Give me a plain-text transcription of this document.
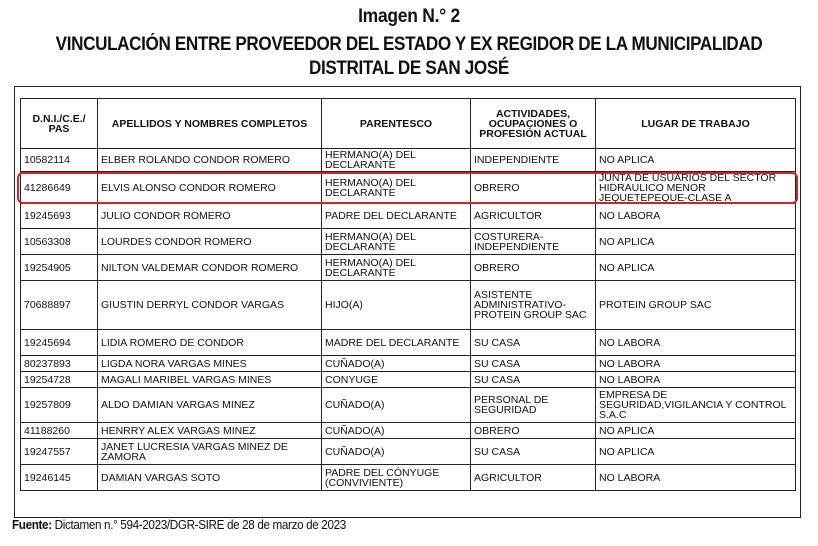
Imagen N.° 2
VINCULACIÓN ENTRE PROVEEDOR DEL ESTADO Y EX REGIDOR DE LA MUNICIPALIDAD
DISTRITAL DE SAN JOSÉ
D.N.I./C.E./ PAS	APELLIDOS Y NOMBRES COMPLETOS	PARENTESCO	ACTIVIDADES, OCUPACIONES O PROFESIÓN ACTUAL	LUGAR DE TRABAJO
10582114	ELBER ROLANDO CONDOR ROMERO	HERMANO(A) DEL DECLARANTE	INDEPENDIENTE	NO APLICA
41286649	ELVIS ALONSO CONDOR ROMERO	HERMANO(A) DEL DECLARANTE	OBRERO	JUNTA DE USUARIOS DEL SECTOR HIDRAULICO MENOR JEQUETEPEQUE-CLASE A
19245693	JULIO CONDOR ROMERO	PADRE DEL DECLARANTE	AGRICULTOR	NO LABORA
10563308	LOURDES CONDOR ROMERO	HERMANO(A) DEL DECLARANTE	COSTURERA-INDEPENDIENTE	NO APLICA
19254905	NILTON VALDEMAR CONDOR ROMERO	HERMANO(A) DEL DECLARANTE	OBRERO	NO APLICA
70688897	GIUSTIN DERRYL CONDOR VARGAS	HIJO(A)	ASISTENTE ADMINISTRATIVO-PROTEIN GROUP SAC	PROTEIN GROUP SAC
19245694	LIDIA ROMERO DE CONDOR	MADRE DEL DECLARANTE	SU CASA	NO LABORA
80237893	LIGDA NORA VARGAS MINES	CUÑADO(A)	SU CASA	NO LABORA
19254728	MAGALI MARIBEL VARGAS MINES	CONYUGE	SU CASA	NO LABORA
19257809	ALDO DAMIAN VARGAS MINEZ	CUÑADO(A)	PERSONAL DE SEGURIDAD	EMPRESA DE SEGURIDAD,VIGILANCIA Y CONTROL S.A.C
41188260	HENRRY ALEX VARGAS MINEZ	CUÑADO(A)	OBRERO	NO APLICA
19247557	JANET LUCRESIA VARGAS MINEZ DE ZAMORA	CUÑADO(A)	SU CASA	NO APLICA
19246145	DAMIAN VARGAS SOTO	PADRE DEL CÓNYUGE (CONVIVIENTE)	AGRICULTOR	NO LABORA
Fuente: Dictamen n.° 594-2023/DGR-SIRE de 28 de marzo de 2023
